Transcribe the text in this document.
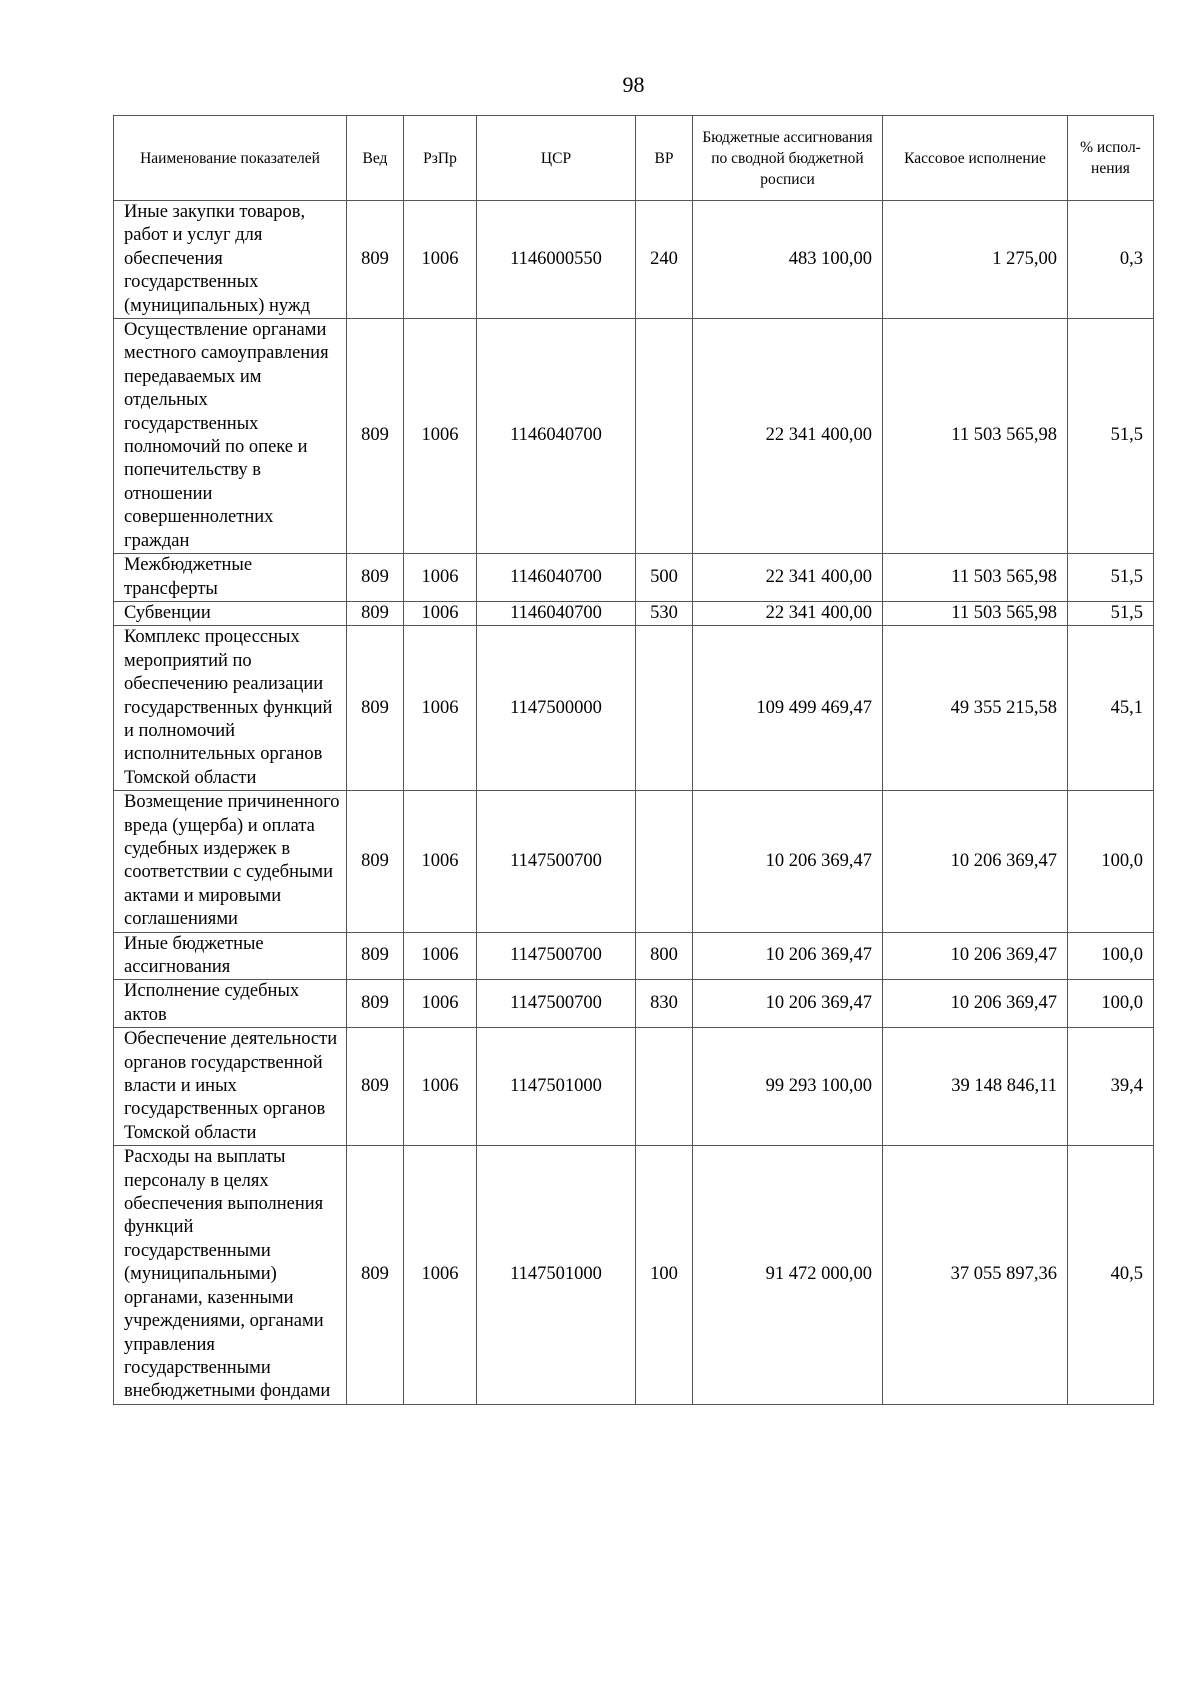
98
Наименование показателей	Вед	РзПр	ЦСР	ВР	Бюджетные ассигнования по сводной бюджетной росписи	Кассовое исполнение	% испол-нения
Иные закупки товаров, работ и услуг для обеспечения государственных (муниципальных) нужд	809	1006	1146000550	240	483 100,00	1 275,00	0,3
Осуществление органами местного самоуправления передаваемых им отдельных государственных полномочий по опеке и попечительству в отношении совершеннолетних граждан	809	1006	1146040700		22 341 400,00	11 503 565,98	51,5
Межбюджетные трансферты	809	1006	1146040700	500	22 341 400,00	11 503 565,98	51,5
Субвенции	809	1006	1146040700	530	22 341 400,00	11 503 565,98	51,5
Комплекс процессных мероприятий по обеспечению реализации государственных функций и полномочий исполнительных органов Томской области	809	1006	1147500000		109 499 469,47	49 355 215,58	45,1
Возмещение причиненного вреда (ущерба) и оплата судебных издержек в соответствии с судебными актами и мировыми соглашениями	809	1006	1147500700		10 206 369,47	10 206 369,47	100,0
Иные бюджетные ассигнования	809	1006	1147500700	800	10 206 369,47	10 206 369,47	100,0
Исполнение судебных актов	809	1006	1147500700	830	10 206 369,47	10 206 369,47	100,0
Обеспечение деятельности органов государственной власти и иных государственных органов Томской области	809	1006	1147501000		99 293 100,00	39 148 846,11	39,4
Расходы на выплаты персоналу в целях обеспечения выполнения функций государственными (муниципальными) органами, казенными учреждениями, органами управления государственными внебюджетными фондами	809	1006	1147501000	100	91 472 000,00	37 055 897,36	40,5
